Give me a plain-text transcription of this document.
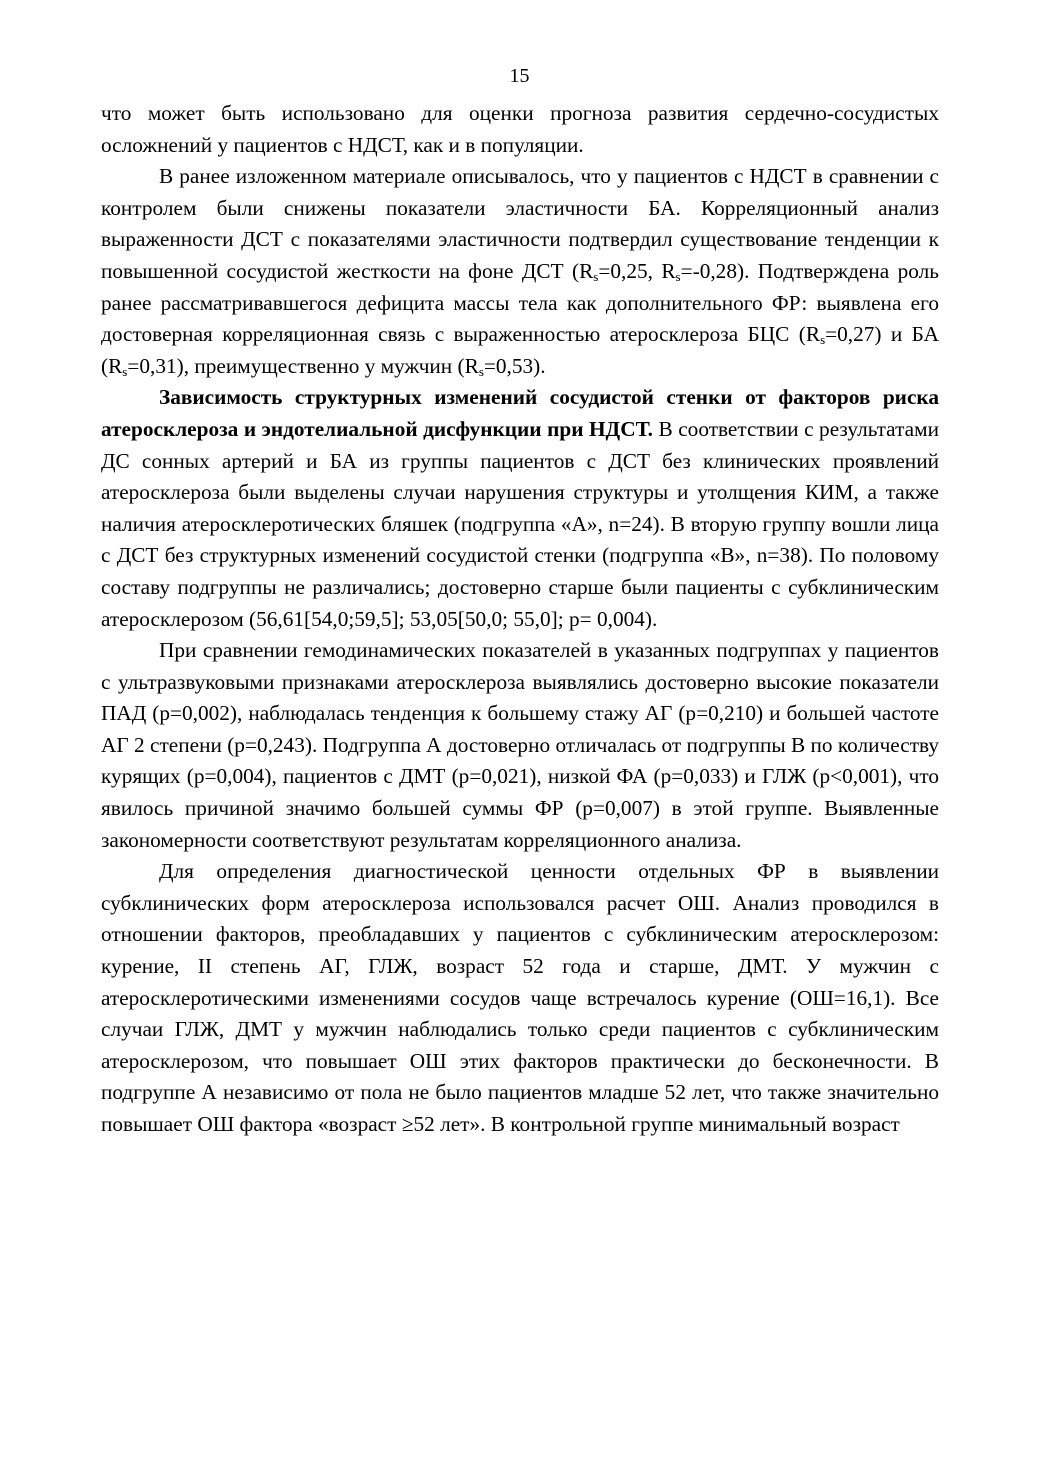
15

что может быть использовано для оценки прогноза развития сердечно-сосудистых осложнений у пациентов с НДСТ, как и в популяции.

В ранее изложенном материале описывалось, что у пациентов с НДСТ в сравнении с контролем были снижены показатели эластичности БА. Корреляционный анализ выраженности ДСТ с показателями эластичности подтвердил существование тенденции к повышенной сосудистой жесткости на фоне ДСТ ($R_s=0,25$, $R_s=-0,28$). Подтверждена роль ранее рассматривавшегося дефицита массы тела как дополнительного ФР: выявлена его достоверная корреляционная связь с выраженностью атеросклероза БЦС $(R_s=0,27)$ и БА $(R_s=0,31)$, преимущественно у мужчин $(R_s=0,53)$.

Зависимость структурных изменений сосудистой стенки от факторов риска атеросклероза и эндотелиальной дисфункции при НДСТ. В соответствии с результатами ДС сонных артерий и БА из группы пациентов с ДСТ без клинических проявлений атеросклероза были выделены случаи нарушения структуры и утолщения КИМ, а также наличия атеросклеротических бляшек (подгруппа «А», n=24). В вторую группу вошли лица с ДСТ без структурных изменений сосудистой стенки (подгруппа «В», n=38). По половому составу подгруппы не различались; достоверно старше были пациенты с субклиническим атеросклерозом (56,61[54,0;59,5]; 53,05[50,0; 55,0]; p= 0,004).

При сравнении гемодинамических показателей в указанных подгруппах у пациентов с ультразвуковыми признаками атеросклероза выявлялись достоверно высокие показатели ПАД (p=0,002), наблюдалась тенденция к большему стажу АГ (p=0,210) и большей частоте АГ 2 степени (p=0,243). Подгруппа А достоверно отличалась от подгруппы В по количеству курящих (p=0,004), пациентов с ДМТ (p=0,021), низкой ФА (p=0,033) и ГЛЖ (p<0,001), что явилось причиной значимо большей суммы ФР (p=0,007) в этой группе. Выявленные закономерности соответствуют результатам корреляционного анализа.

Для определения диагностической ценности отдельных ФР в выявлении субклинических форм атеросклероза использовался расчет ОШ. Анализ проводился в отношении факторов, преобладавших у пациентов с субклиническим атеросклерозом: курение, II степень АГ, ГЛЖ, возраст 52 года и старше, ДМТ. У мужчин с атеросклеротическими изменениями сосудов чаще встречалось курение (ОШ=16,1). Все случаи ГЛЖ, ДМТ у мужчин наблюдались только среди пациентов с субклиническим атеросклерозом, что повышает ОШ этих факторов практически до бесконечности. В подгруппе А независимо от пола не было пациентов младше 52 лет, что также значительно повышает ОШ фактора «возраст ≥52 лет». В контрольной группе минимальный возраст
